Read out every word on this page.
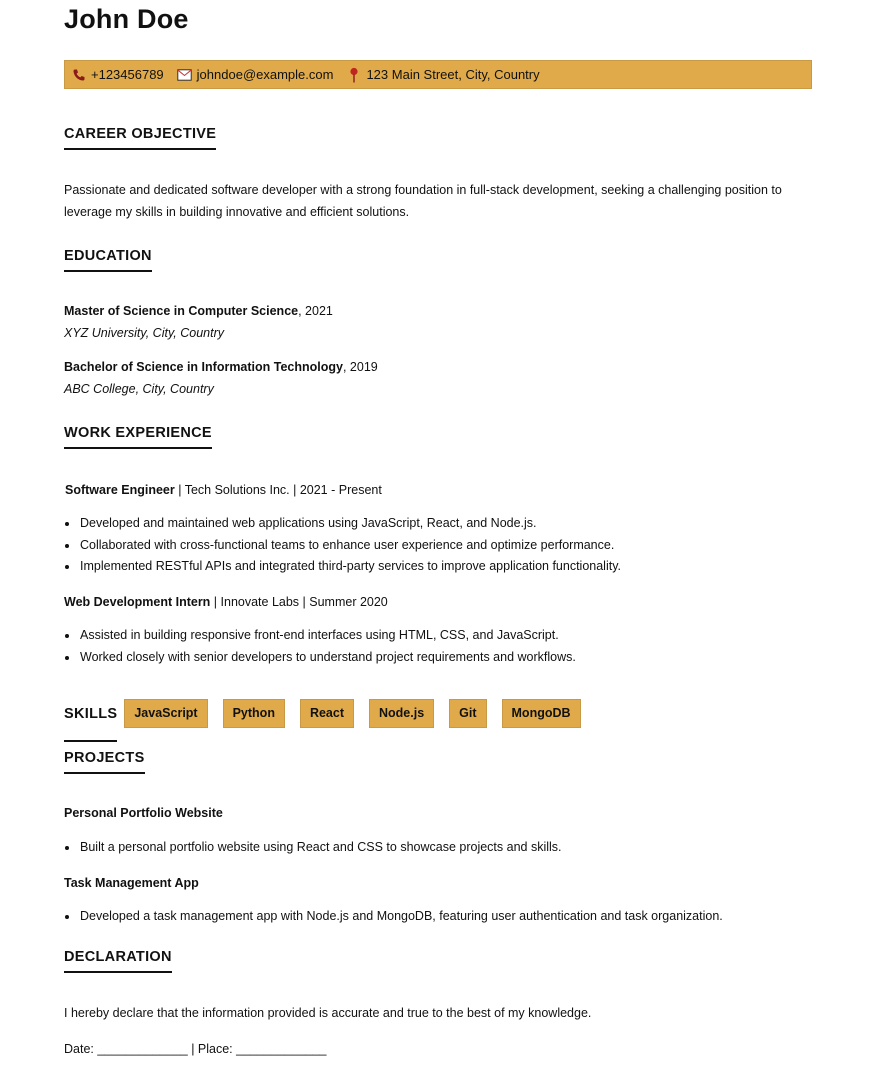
John Doe
+123456789	johndoe@example.com	123 Main Street, City, Country
CAREER OBJECTIVE
Passionate and dedicated software developer with a strong foundation in full-stack development, seeking a challenging position to leverage my skills in building innovative and efficient solutions.
EDUCATION
Master of Science in Computer Science, 2021
XYZ University, City, Country
Bachelor of Science in Information Technology, 2019
ABC College, City, Country
WORK EXPERIENCE
Software Engineer | Tech Solutions Inc. | 2021 - Present
Developed and maintained web applications using JavaScript, React, and Node.js.
Collaborated with cross-functional teams to enhance user experience and optimize performance.
Implemented RESTful APIs and integrated third-party services to improve application functionality.
Web Development Intern | Innovate Labs | Summer 2020
Assisted in building responsive front-end interfaces using HTML, CSS, and JavaScript.
Worked closely with senior developers to understand project requirements and workflows.
SKILLS	JavaScript	Python	React	Node.js	Git	MongoDB
PROJECTS
Personal Portfolio Website
Built a personal portfolio website using React and CSS to showcase projects and skills.
Task Management App
Developed a task management app with Node.js and MongoDB, featuring user authentication and task organization.
DECLARATION
I hereby declare that the information provided is accurate and true to the best of my knowledge.
Date: _____________ | Place: _____________
